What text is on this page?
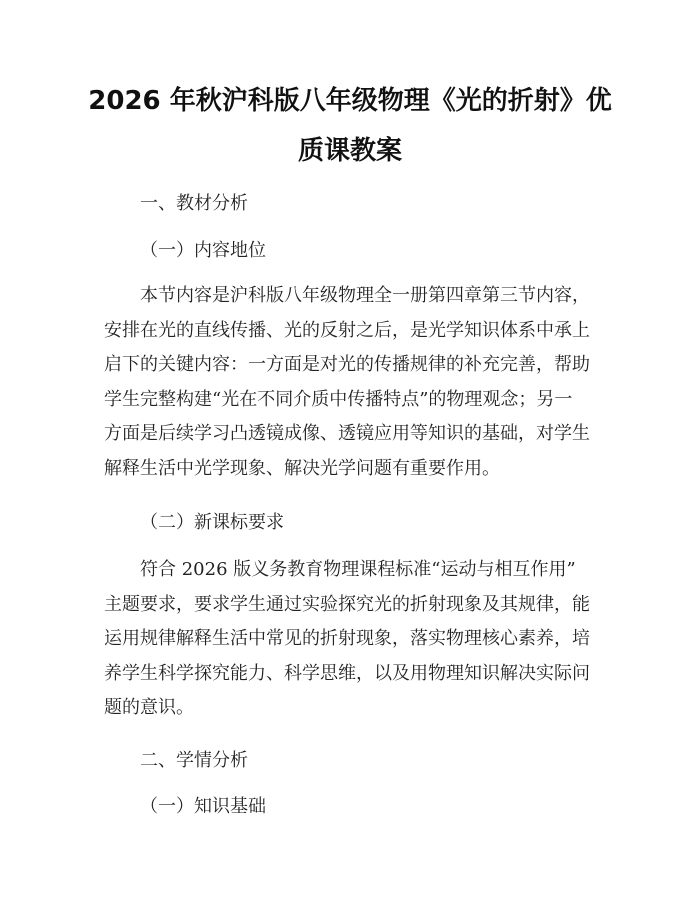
2026 年秋沪科版八年级物理《光的折射》优
质课教案
一、教材分析
（一）内容地位
本节内容是沪科版八年级物理全一册第四章第三节内容，
安排在光的直线传播、光的反射之后，是光学知识体系中承上
启下的关键内容：一方面是对光的传播规律的补充完善，帮助
学生完整构建“光在不同介质中传播特点”的物理观念；另一
方面是后续学习凸透镜成像、透镜应用等知识的基础，对学生
解释生活中光学现象、解决光学问题有重要作用。
（二）新课标要求
符合 2026 版义务教育物理课程标准“运动与相互作用”
主题要求，要求学生通过实验探究光的折射现象及其规律，能
运用规律解释生活中常见的折射现象，落实物理核心素养，培
养学生科学探究能力、科学思维，以及用物理知识解决实际问
题的意识。
二、学情分析
（一）知识基础
